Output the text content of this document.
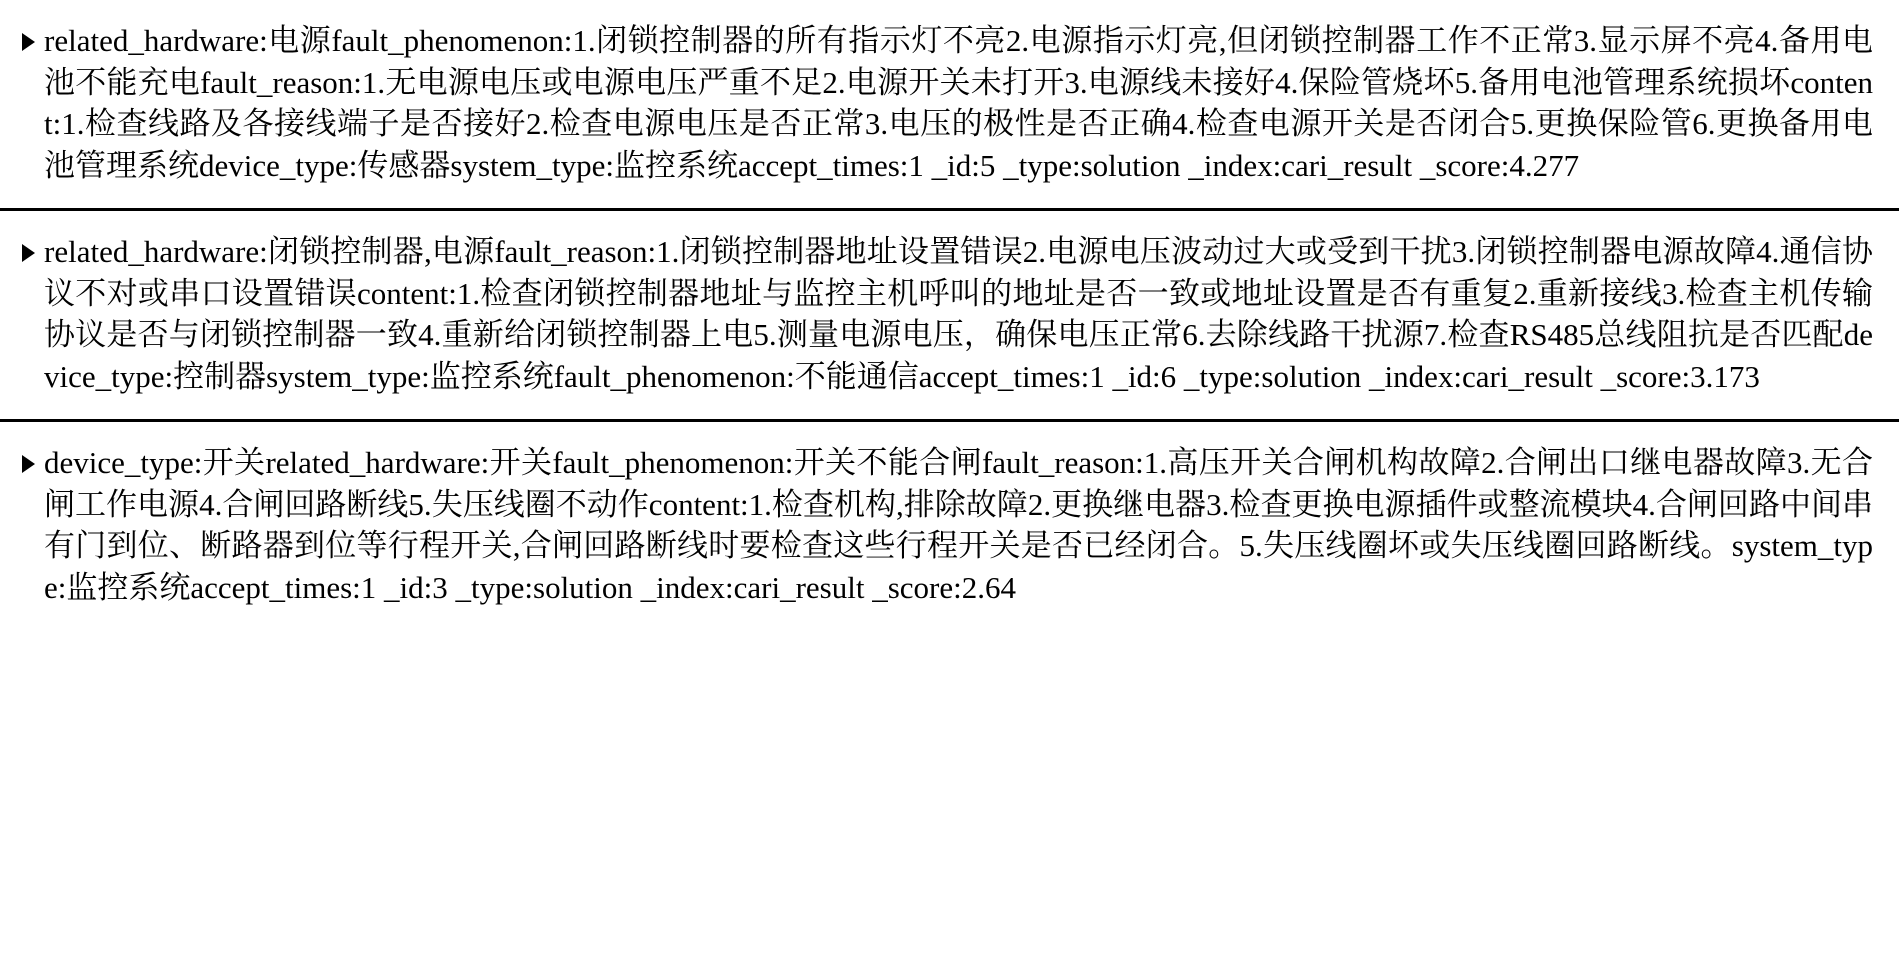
related_hardware:电源fault_phenomenon:1.闭锁控制器的所有指示灯不亮2.电源指示灯亮,但闭锁控制器工作不正常3.显示屏不亮4.备用电池不能充电fault_reason:1.无电源电压或电源电压严重不足2.电源开关未打开3.电源线未接好4.保险管烧坏5.备用电池管理系统损坏content:1.检查线路及各接线端子是否接好2.检查电源电压是否正常3.电压的极性是否正确4.检查电源开关是否闭合5.更换保险管6.更换备用电池管理系统device_type:传感器system_type:监控系统accept_times:1 _id:5 _type:solution _index:cari_result _score:4.277
related_hardware:闭锁控制器,电源fault_reason:1.闭锁控制器地址设置错误2.电源电压波动过大或受到干扰3.闭锁控制器电源故障4.通信协议不对或串口设置错误content:1.检查闭锁控制器地址与监控主机呼叫的地址是否一致或地址设置是否有重复2.重新接线3.检查主机传输协议是否与闭锁控制器一致4.重新给闭锁控制器上电5.测量电源电压，确保电压正常6.去除线路干扰源7.检查RS485总线阻抗是否匹配device_type:控制器system_type:监控系统fault_phenomenon:不能通信accept_times:1 _id:6 _type:solution _index:cari_result _score:3.173
device_type:开关related_hardware:开关fault_phenomenon:开关不能合闸fault_reason:1.高压开关合闸机构故障2.合闸出口继电器故障3.无合闸工作电源4.合闸回路断线5.失压线圈不动作content:1.检查机构,排除故障2.更换继电器3.检查更换电源插件或整流模块4.合闸回路中间串有门到位、断路器到位等行程开关,合闸回路断线时要检查这些行程开关是否已经闭合。5.失压线圈坏或失压线圈回路断线。system_type:监控系统accept_times:1 _id:3 _type:solution _index:cari_result _score:2.64
